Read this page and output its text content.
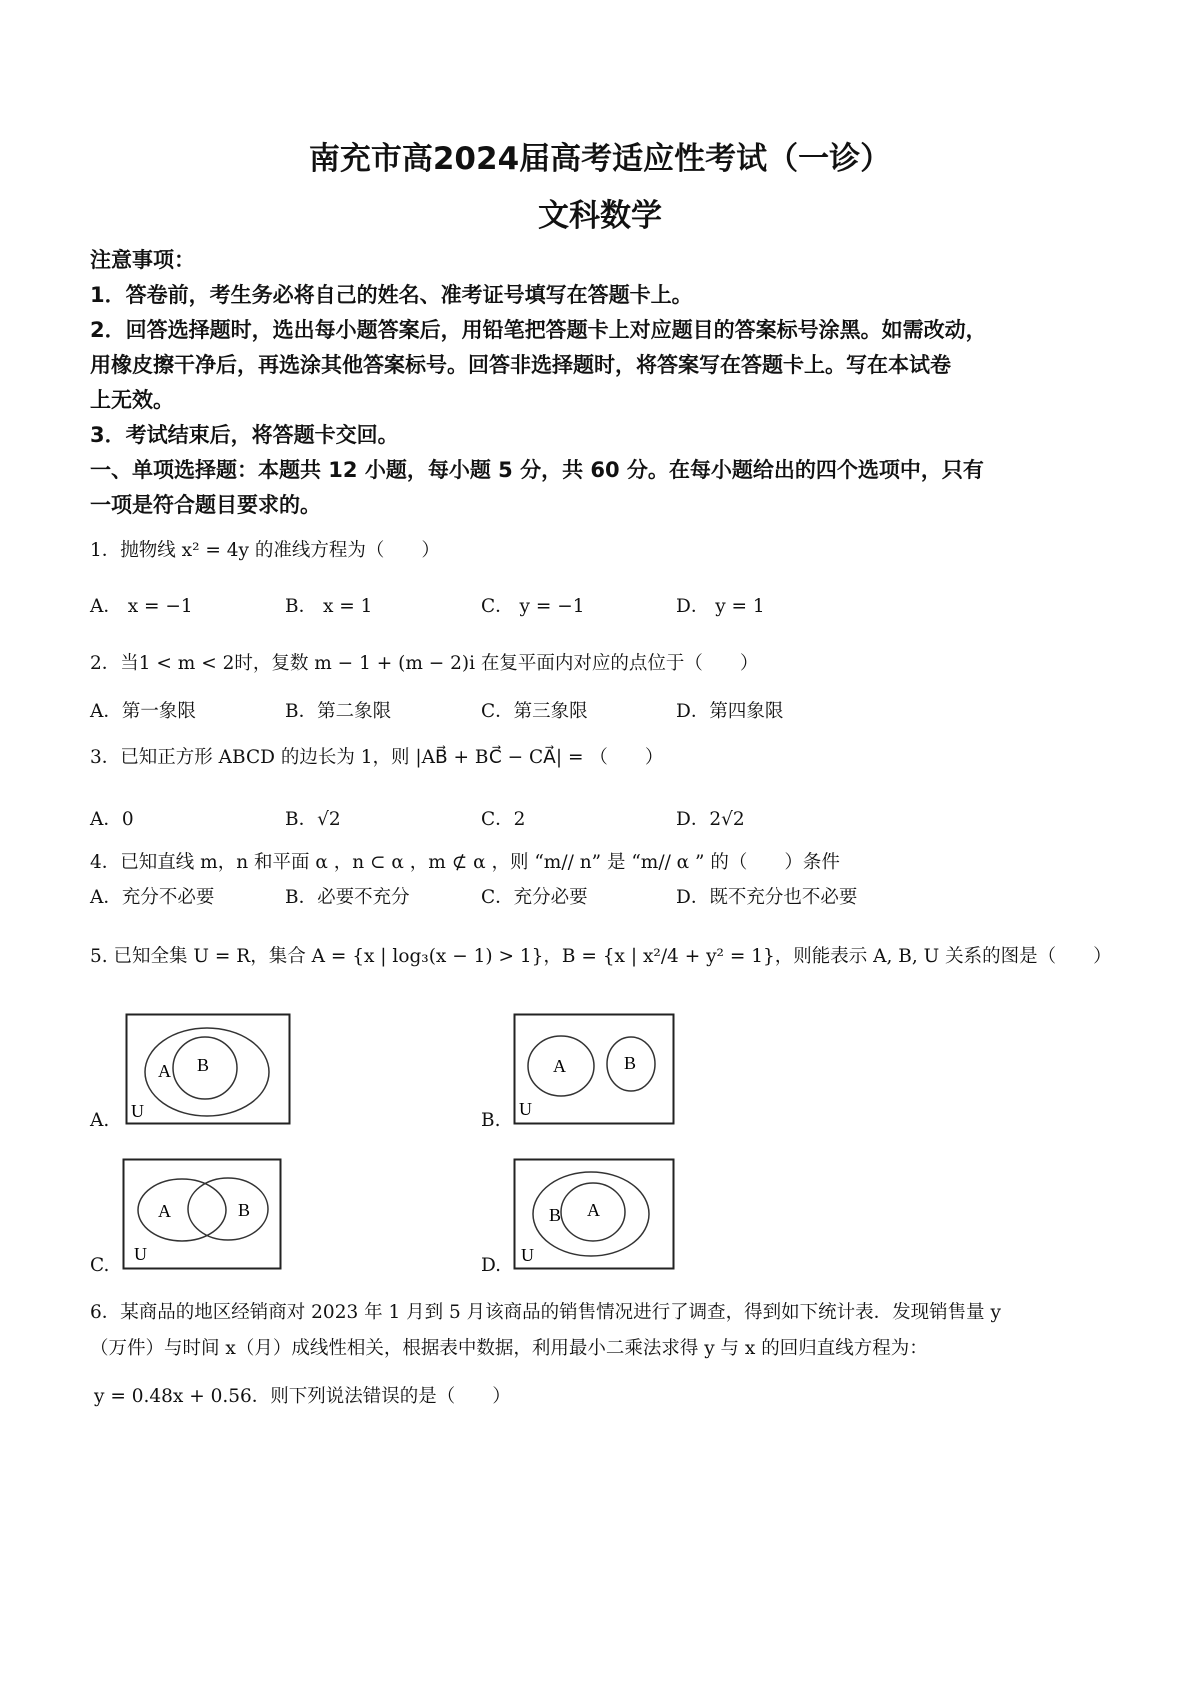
南充市高2024届高考适应性考试（一诊）
文科数学
注意事项：
1．答卷前，考生务必将自己的姓名、准考证号填写在答题卡上。
2．回答选择题时，选出每小题答案后，用铅笔把答题卡上对应题目的答案标号涂黑。如需改动，
用橡皮擦干净后，再选涂其他答案标号。回答非选择题时，将答案写在答题卡上。写在本试卷
上无效。
3．考试结束后，将答题卡交回。
一、单项选择题：本题共 12 小题，每小题 5 分，共 60 分。在每小题给出的四个选项中，只有
一项是符合题目要求的。
1．抛物线 x² = 4y 的准线方程为（　　）
A． x = −1	B． x = 1	C． y = −1	D． y = 1
2．当1 < m < 2时，复数 m − 1 + (m − 2)i 在复平面内对应的点位于（　　）
A．第一象限	B．第二象限	C．第三象限	D．第四象限
3．已知正方形 ABCD 的边长为 1，则 |AB⃗ + BC⃗ − CA⃗| = （　　）
A．0	B．√2	C．2	D．2√2
4．已知直线 m，n 和平面 α ，n ⊂ α ，m ⊄ α ，则 “m// n” 是 “m// α ” 的（　　）条件
A．充分不必要	B．必要不充分	C．充分必要	D．既不充分也不必要
5. 已知全集 U = R，集合 A = {x | log₃(x − 1) > 1}，B = {x | x²/4 + y² = 1}，则能表示 A, B, U 关系的图是（　　）
A.
A B
U	B.
A	B
U
C.
A	B
U
D.
B A
U
6．某商品的地区经销商对 2023 年 1 月到 5 月该商品的销售情况进行了调查，得到如下统计表．发现销售量 y
（万件）与时间 x（月）成线性相关，根据表中数据，利用最小二乘法求得 y 与 x 的回归直线方程为：
y = 0.48x + 0.56．则下列说法错误的是（　　）
